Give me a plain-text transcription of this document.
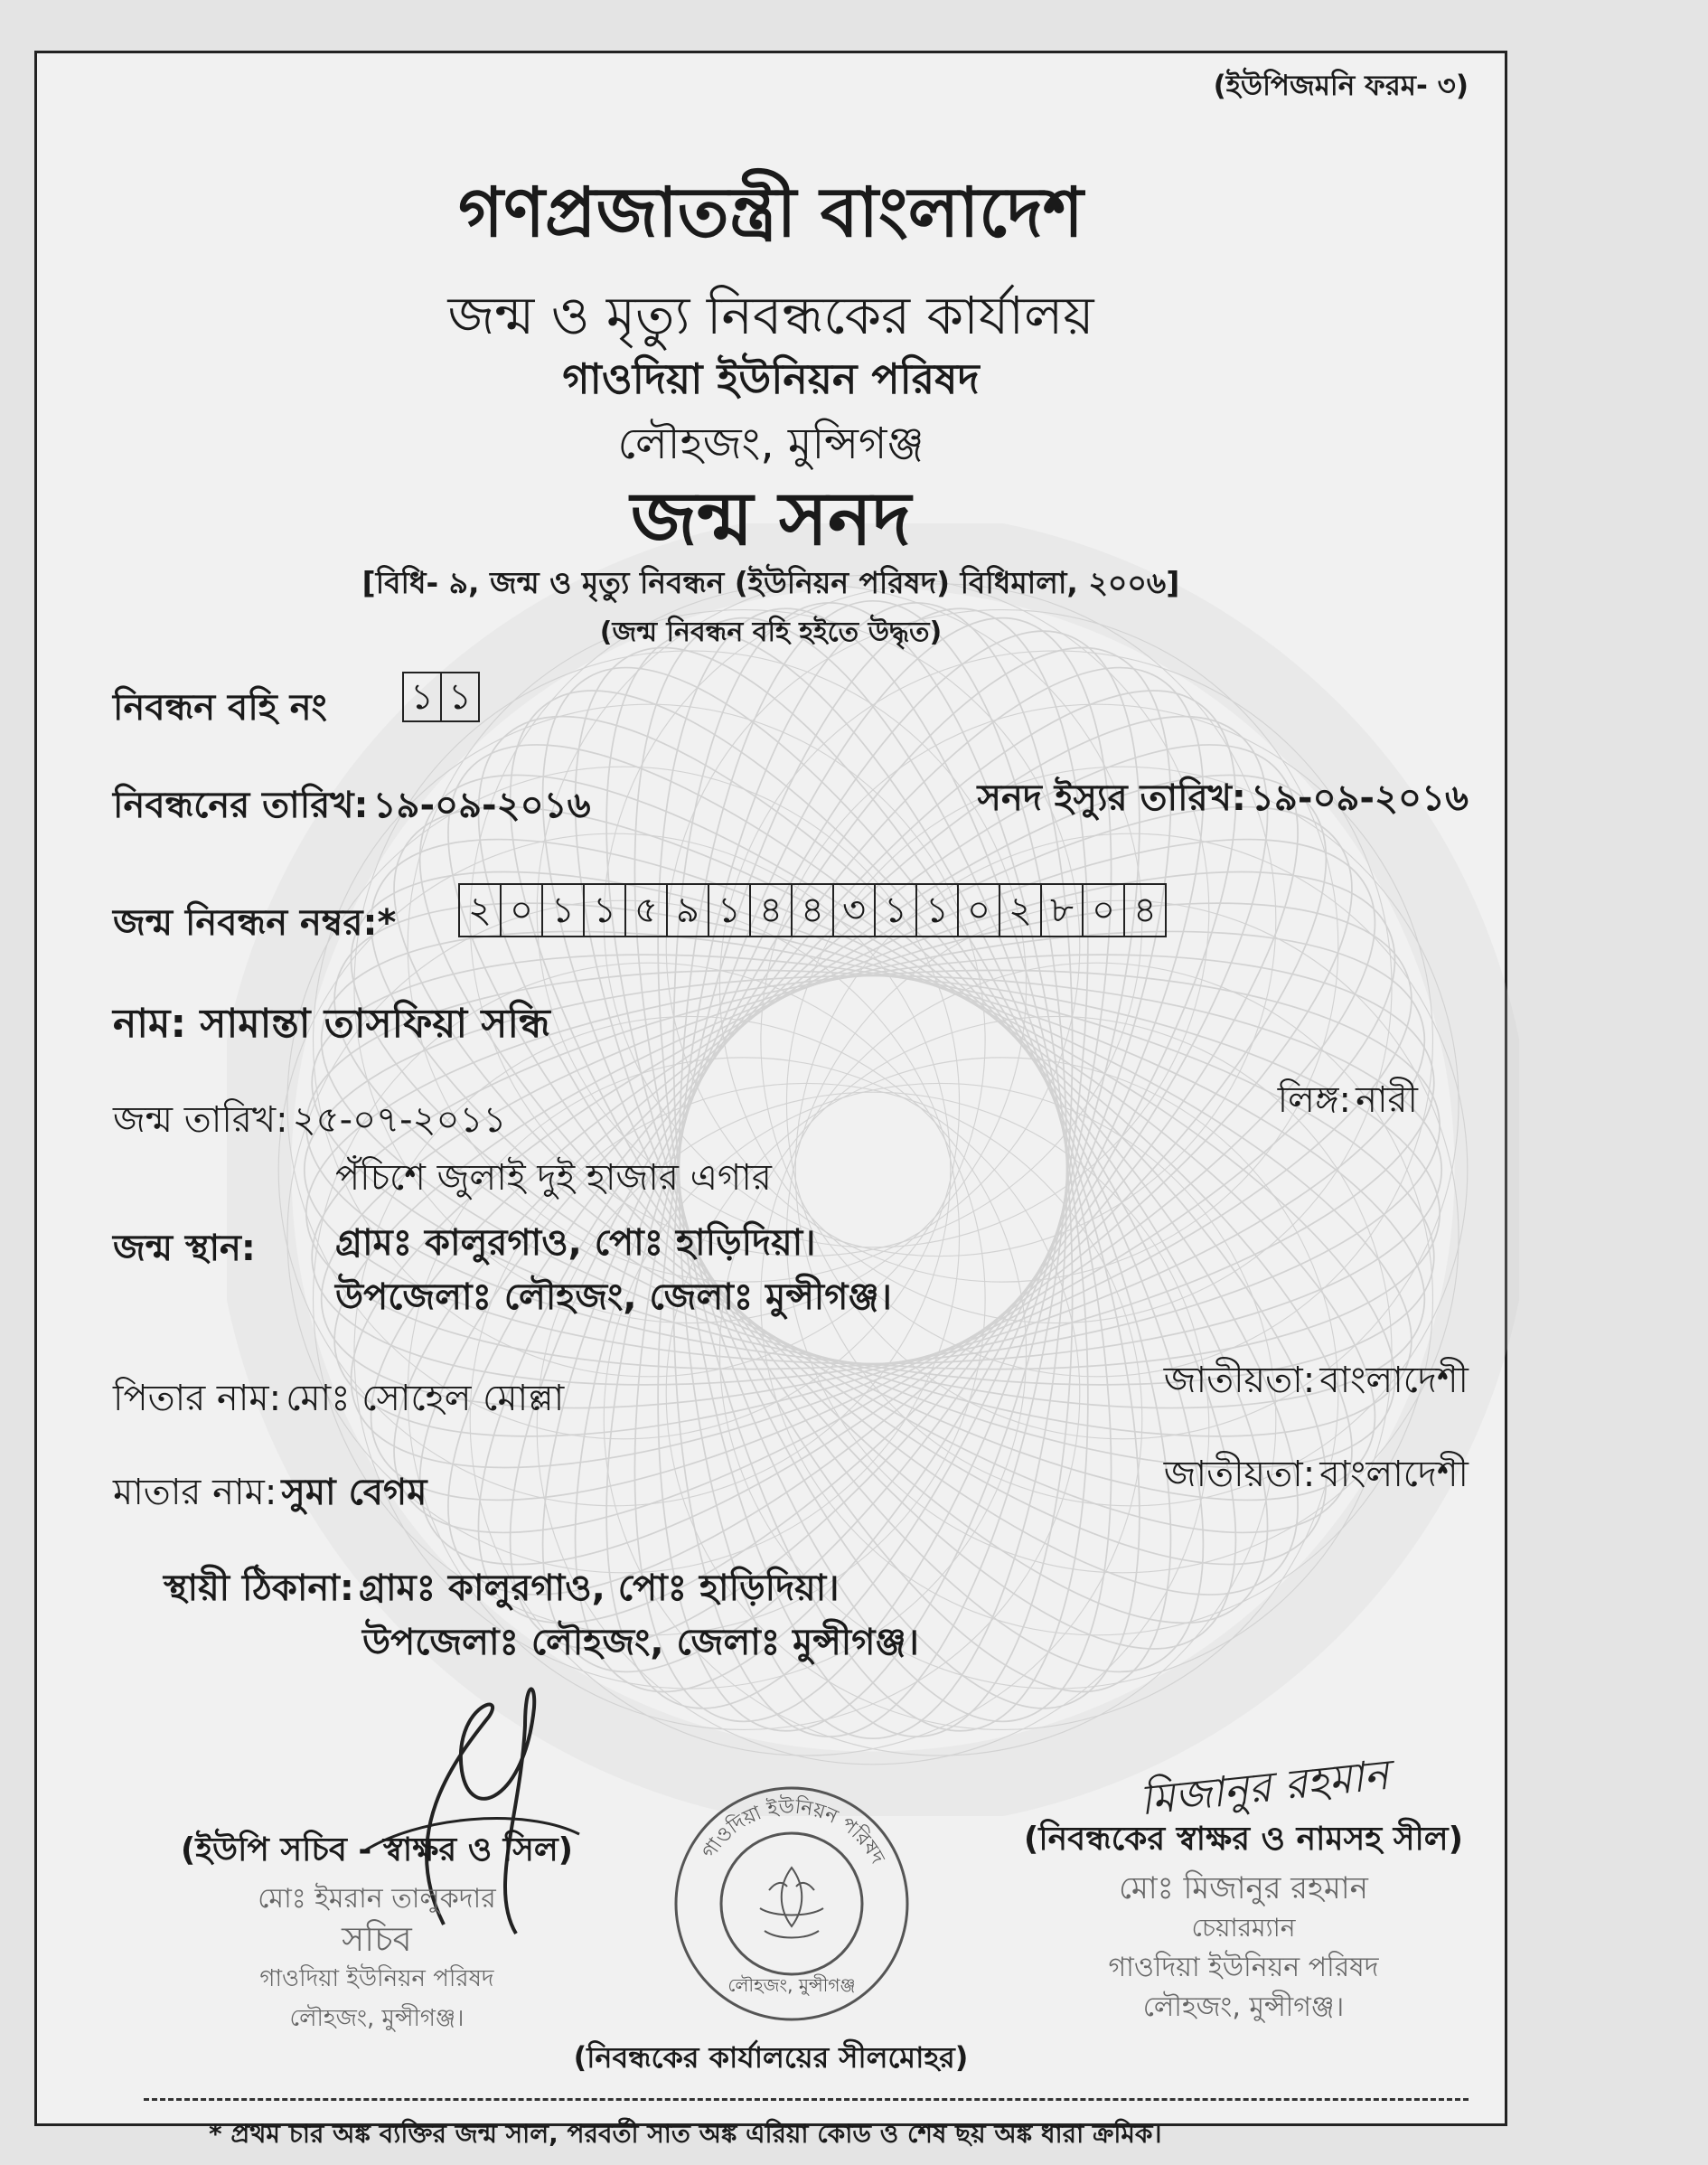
(ইউপিজমনি ফরম- ৩)
গণপ্রজাতন্ত্রী বাংলাদেশ
জন্ম ও মৃত্যু নিবন্ধকের কার্যালয়
গাওদিয়া ইউনিয়ন পরিষদ
লৌহজং, মুন্সিগঞ্জ
জন্ম সনদ
[বিধি- ৯, জন্ম ও মৃত্যু নিবন্ধন (ইউনিয়ন পরিষদ) বিধিমালা, ২০০৬]
(জন্ম নিবন্ধন বহি হইতে উদ্ধৃত)
নিবন্ধন বহি নং ১ ১
নিবন্ধনের তারিখ: ১৯-০৯-২০১৬	সনদ ইস্যুর তারিখ: ১৯-০৯-২০১৬
জন্ম নিবন্ধন নম্বর:* ২ ০ ১ ১ ৫ ৯ ১ ৪ ৪ ৩ ১ ১ ০ ২ ৮ ০ ৪
নাম: সামান্তা তাসফিয়া সন্ধি
জন্ম তারিখ: ২৫-০৭-২০১১
পঁচিশে জুলাই দুই হাজার এগার
লিঙ্গ: নারী
জন্ম স্থান: গ্রামঃ কালুরগাও, পোঃ হাড়িদিয়া।
উপজেলাঃ লৌহজং, জেলাঃ মুন্সীগঞ্জ।
পিতার নাম: মোঃ সোহেল মোল্লা	জাতীয়তা: বাংলাদেশী
মাতার নাম: সুমা বেগম	জাতীয়তা: বাংলাদেশী
স্থায়ী ঠিকানা: গ্রামঃ কালুরগাও, পোঃ হাড়িদিয়া।
উপজেলাঃ লৌহজং, জেলাঃ মুন্সীগঞ্জ।
(ইউপি সচিব - স্বাক্ষর ও সিল)
মোঃ ইমরান তালুকদার
সচিব
গাওদিয়া ইউনিয়ন পরিষদ
লৌহজং, মুন্সীগঞ্জ।
গাওদিয়া ইউনিয়ন পরিষদ
লৌহজং, মুন্সীগঞ্জ
(নিবন্ধকের কার্যালয়ের সীলমোহর)
মিজানুর রহমান
(নিবন্ধকের স্বাক্ষর ও নামসহ সীল)
মোঃ মিজানুর রহমান
চেয়ারম্যান
গাওদিয়া ইউনিয়ন পরিষদ
লৌহজং, মুন্সীগঞ্জ।
* প্রথম চার অঙ্ক ব্যক্তির জন্ম সাল, পরবর্তী সাত অঙ্ক এরিয়া কোড ও শেষ ছয় অঙ্ক ধারা ক্রমিক।
